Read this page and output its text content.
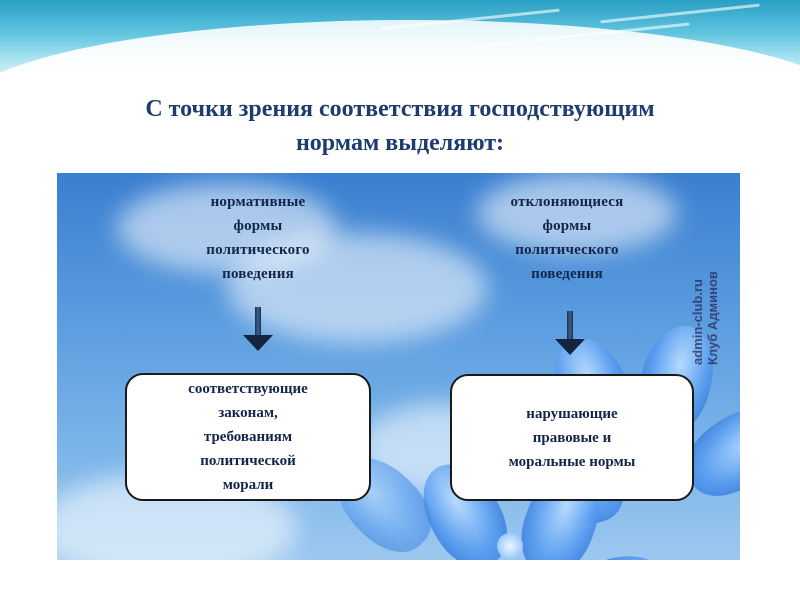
С точки зрения соответствия господствующим
нормам выделяют:
нормативные
формы
политического
поведения
отклоняющиеся
формы
политического
поведения
соответствующие
законам,
требованиям
политической
морали
нарушающие
правовые и
моральные нормы
admin-club.ru Клуб Админов
